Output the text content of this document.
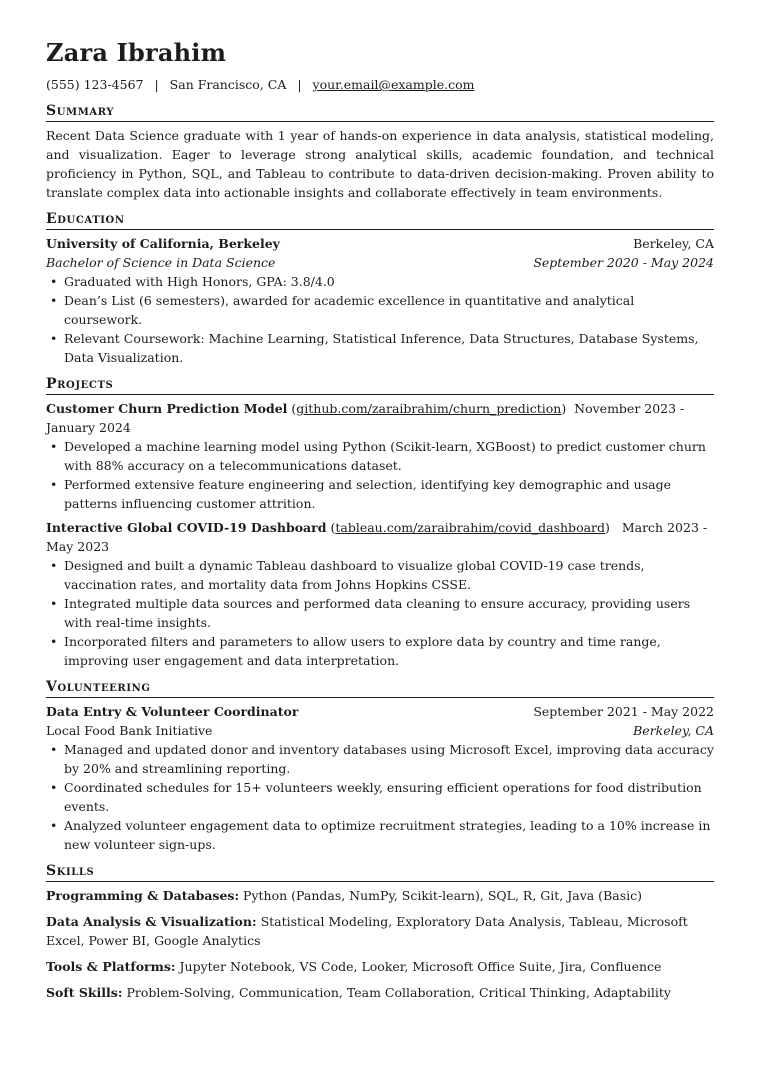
Zara Ibrahim
(555) 123-4567 | San Francisco, CA | your.email@example.com
Summary
Recent Data Science graduate with 1 year of hands-on experience in data analysis, statistical modeling, and visualization. Eager to leverage strong analytical skills, academic foundation, and technical proficiency in Python, SQL, and Tableau to contribute to data-driven decision-making. Proven ability to translate complex data into actionable insights and collaborate effectively in team environments.
Education
University of California, Berkeley	Berkeley, CA
Bachelor of Science in Data Science	September 2020 - May 2024
• Graduated with High Honors, GPA: 3.8/4.0
• Dean’s List (6 semesters), awarded for academic excellence in quantitative and analytical coursework.
• Relevant Coursework: Machine Learning, Statistical Inference, Data Structures, Database Systems, Data Visualization.
Projects
Customer Churn Prediction Model (github.com/zaraibrahim/churn_prediction)  November 2023 - January 2024
• Developed a machine learning model using Python (Scikit-learn, XGBoost) to predict customer churn with 88% accuracy on a telecommunications dataset.
• Performed extensive feature engineering and selection, identifying key demographic and usage patterns influencing customer attrition.
Interactive Global COVID-19 Dashboard (tableau.com/zaraibrahim/covid_dashboard)   March 2023 - May 2023
• Designed and built a dynamic Tableau dashboard to visualize global COVID-19 case trends, vaccination rates, and mortality data from Johns Hopkins CSSE.
• Integrated multiple data sources and performed data cleaning to ensure accuracy, providing users with real-time insights.
• Incorporated filters and parameters to allow users to explore data by country and time range, improving user engagement and data interpretation.
Volunteering
Data Entry & Volunteer Coordinator	September 2021 - May 2022
Local Food Bank Initiative	Berkeley, CA
• Managed and updated donor and inventory databases using Microsoft Excel, improving data accuracy by 20% and streamlining reporting.
• Coordinated schedules for 15+ volunteers weekly, ensuring efficient operations for food distribution events.
• Analyzed volunteer engagement data to optimize recruitment strategies, leading to a 10% increase in new volunteer sign-ups.
Skills
Programming & Databases: Python (Pandas, NumPy, Scikit-learn), SQL, R, Git, Java (Basic)
Data Analysis & Visualization: Statistical Modeling, Exploratory Data Analysis, Tableau, Microsoft Excel, Power BI, Google Analytics
Tools & Platforms: Jupyter Notebook, VS Code, Looker, Microsoft Office Suite, Jira, Confluence
Soft Skills: Problem-Solving, Communication, Team Collaboration, Critical Thinking, Adaptability
